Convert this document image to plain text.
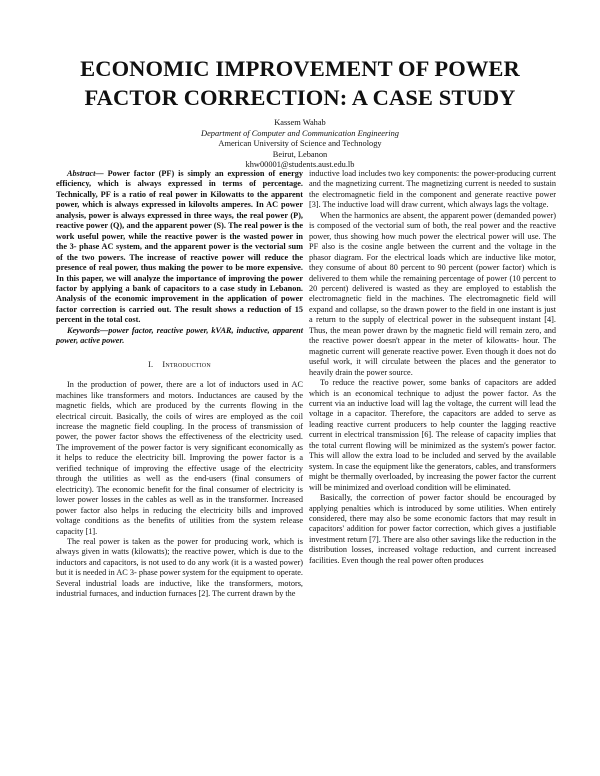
ECONOMIC IMPROVEMENT OF POWER
FACTOR CORRECTION: A CASE STUDY
Kassem Wahab
Department of Computer and Communication Engineering
American University of Science and Technology
Beirut, Lebanon
khw00001@students.aust.edu.lb

Abstract— Power factor (PF) is simply an expression of energy efficiency, which is always expressed in terms of percentage. Technically, PF is a ratio of real power in Kilowatts to the apparent power, which is always expressed in kilovolts amperes. In AC power analysis, power is always expressed in three ways, the real power (P), reactive power (Q), and the apparent power (S). The real power is the work useful power, while the reactive power is the wasted power in the 3- phase AC system, and the apparent power is the vectorial sum of the two powers. The increase of reactive power will reduce the presence of real power, thus making the power to be more expensive. In this paper, we will analyze the importance of improving the power factor by applying a bank of capacitors to a case study in Lebanon. Analysis of the economic improvement in the application of power factor correction is carried out. The result shows a reduction of 15 percent in the total cost.

Keywords—power factor, reactive power, kVAR, inductive, apparent power, active power.

I. Introduction

In the production of power, there are a lot of inductors used in AC machines like transformers and motors. Inductances are caused by the magnetic fields, which are produced by the currents flowing in the electrical circuit. Basically, the coils of wires are employed as the coil increase the magnetic field coupling. In the process of transmission of power, the power factor shows the effectiveness of the electricity used. The improvement of the power factor is very significant economically as it helps to reduce the electricity bill. Improving the power factor is a verified technique of improving the effective usage of the electricity through the utilities as well as the end-users (final consumers of electricity). The economic benefit for the final consumer of electricity is lower power losses in the cables as well as in the transformer. Increased power factor also helps in reducing the electricity bills and improved voltage conditions as the benefits of utilities from the system release capacity [1].

The real power is taken as the power for producing work, which is always given in watts (kilowatts); the reactive power, which is due to the inductors and capacitors, is not used to do any work (it is a wasted power) but it is needed in AC 3- phase power system for the equipment to operate. Several industrial loads are inductive, like the transformers, motors, industrial furnaces, and induction furnaces [2]. The current drawn by the

inductive load includes two key components: the power-producing current and the magnetizing current. The magnetizing current is needed to sustain the electromagnetic field in the component and generate reactive power [3]. The inductive load will draw current, which always lags the voltage.

When the harmonics are absent, the apparent power (demanded power) is composed of the vectorial sum of both, the real power and the reactive power, thus showing how much power the electrical power will use. The PF also is the cosine angle between the current and the voltage in the phasor diagram. For the electrical loads which are inductive like motor, they consume of about 80 percent to 90 percent (power factor) which is delivered to them while the remaining percentage of power (10 percent to 20 percent) delivered is wasted as they are employed to establish the electromagnetic field in the machines. The electromagnetic field will expand and collapse, so the drawn power to the field in one instant is just a return to the supply of electrical power in the subsequent instant [4]. Thus, the mean power drawn by the magnetic field will remain zero, and the reactive power doesn't appear in the meter of kilowatts- hour. The magnetic current will generate reactive power. Even though it does not do useful work, it will circulate between the places and the generator to heavily drain the power source.

To reduce the reactive power, some banks of capacitors are added which is an economical technique to adjust the power factor. As the current via an inductive load will lag the voltage, the current will lead the voltage in a capacitor. Therefore, the capacitors are added to serve as leading reactive current producers to help counter the lagging reactive current in electrical transmission [6]. The release of capacity implies that the total current flowing will be minimized as the system's power factor. This will allow the extra load to be included and served by the available system. In case the equipment like the generators, cables, and transformers might be thermally overloaded, by increasing the power factor the current will be minimized and overload condition will be eliminated.

Basically, the correction of power factor should be encouraged by applying penalties which is introduced by some utilities. When entirely considered, there may also be some economic factors that may result in capacitors' addition for power factor correction, which gives a justifiable investment return [7]. There are also other savings like the reduction in the distribution losses, increased voltage reduction, and current increased facilities. Even though the real power often produces
